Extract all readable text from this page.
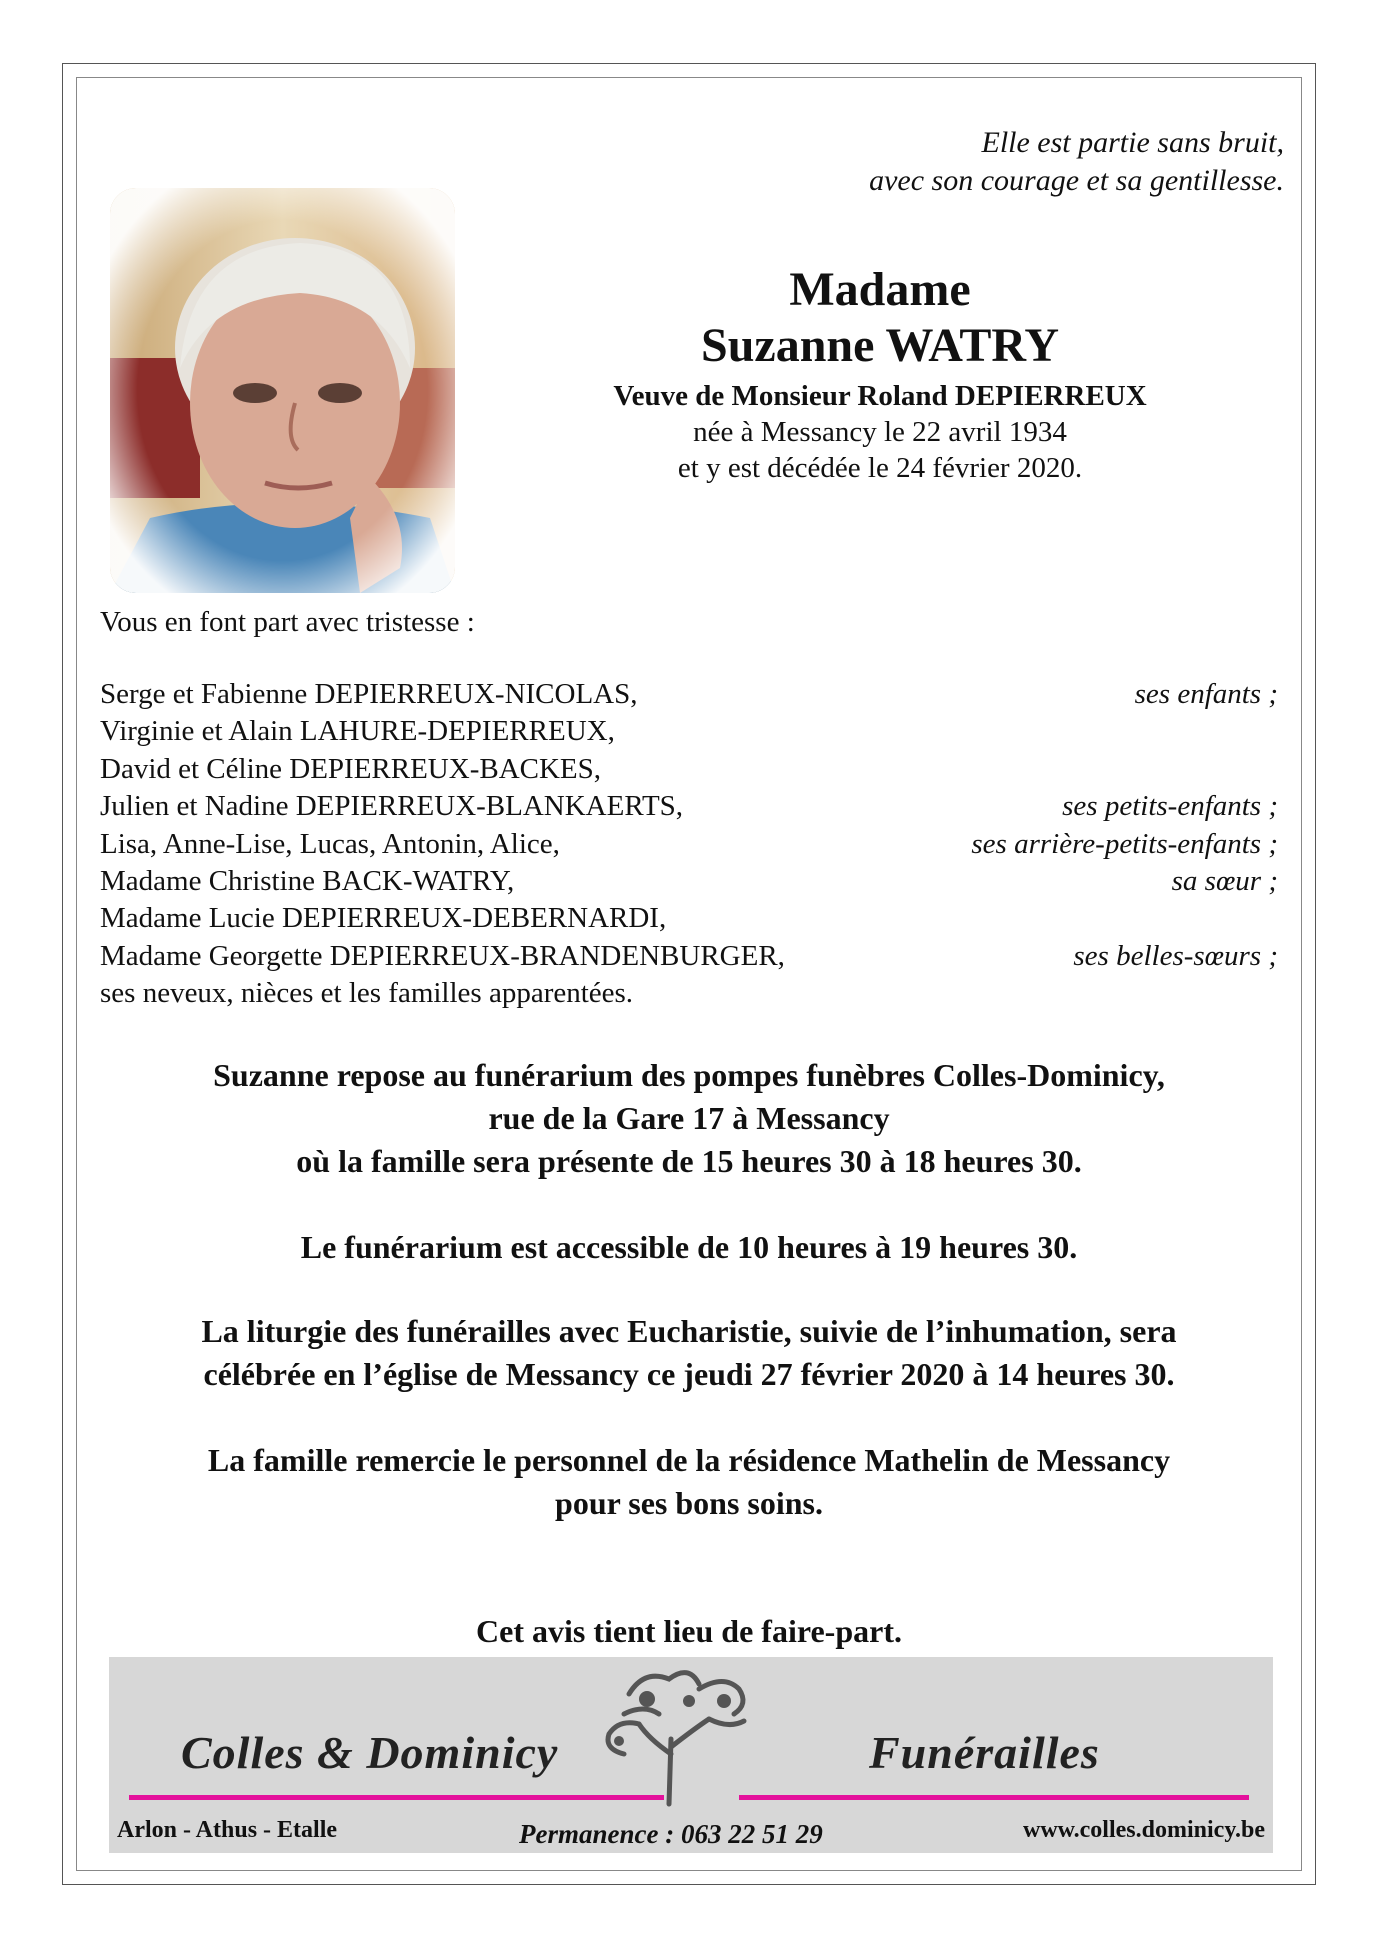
Elle est partie sans bruit,
avec son courage et sa gentillesse.
Madame
Suzanne WATRY
Veuve de Monsieur Roland DEPIERREUX
née à Messancy le 22 avril 1934
et y est décédée le 24 février 2020.
Vous en font part avec tristesse :
Serge et Fabienne DEPIERREUX-NICOLAS,	ses enfants ;
Virginie et Alain LAHURE-DEPIERREUX,
David et Céline DEPIERREUX-BACKES,
Julien et Nadine DEPIERREUX-BLANKAERTS,	ses petits-enfants ;
Lisa, Anne-Lise, Lucas, Antonin, Alice,	ses arrière-petits-enfants ;
Madame Christine BACK-WATRY,	sa sœur ;
Madame Lucie DEPIERREUX-DEBERNARDI,
Madame Georgette DEPIERREUX-BRANDENBURGER,	ses belles-sœurs ;
ses neveux, nièces et les familles apparentées.
Suzanne repose au funérarium des pompes funèbres Colles-Dominicy,
rue de la Gare 17 à Messancy
où la famille sera présente de 15 heures 30 à 18 heures 30.
Le funérarium est accessible de 10 heures à 19 heures 30.
La liturgie des funérailles avec Eucharistie, suivie de l’inhumation, sera
célébrée en l’église de Messancy ce jeudi 27 février 2020 à 14 heures 30.
La famille remercie le personnel de la résidence Mathelin de Messancy
pour ses bons soins.
Cet avis tient lieu de faire-part.
Colles & Dominicy	Funérailles
Arlon - Athus - Etalle	Permanence : 063 22 51 29	www.colles.dominicy.be
